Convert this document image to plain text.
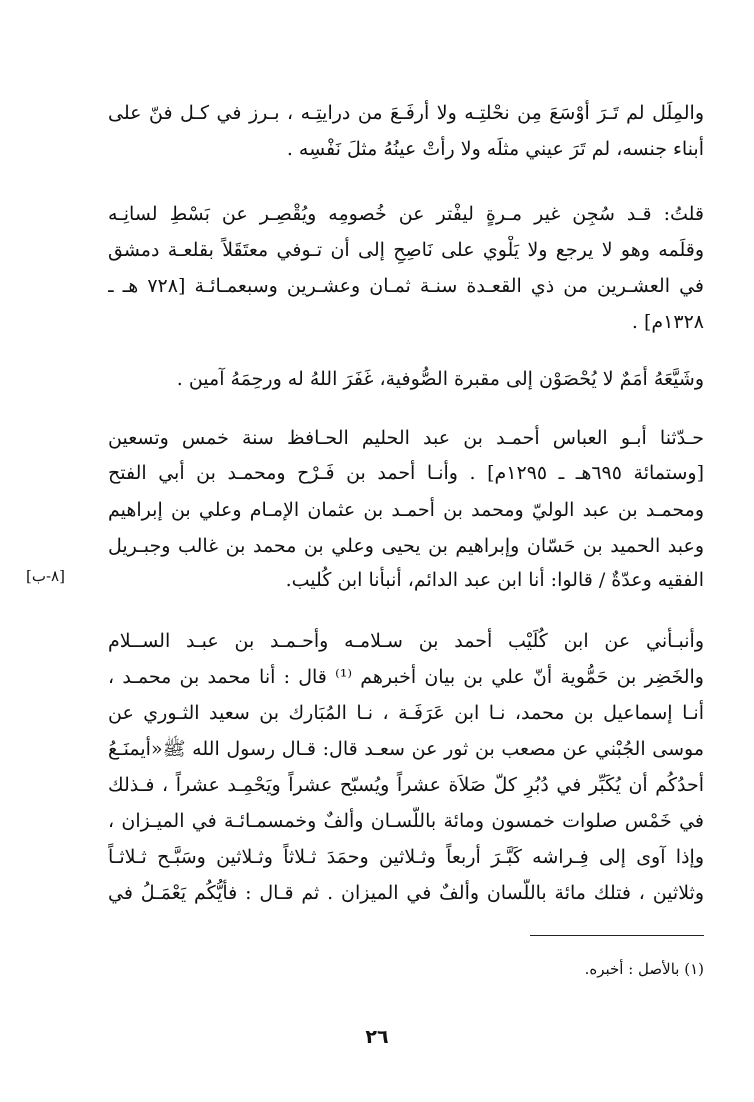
والمِلَل لم تَـرَ أَوْسَعَ مِن نحْلتِـه ولا أرفَـعَ من درايتِـه ، بـرز في كـل فنّ على
أبناء جنسه، لم تَرَ عيني مثلَه ولا رأتْ عينُهُ مثلَ نَفْسِه .
قلتُ: قـد سُجِن غير مـرةٍ ليفْتر عن خُصومِه ويُقْصِـر عن بَسْطِ لسانِـه
وقلَمه وهو لا يرجع ولا يَلْوي على نَاصِحٍ إلى أن تـوفي معتَقَلاً بقلعـة دمشق
في العشـرين من ذي القعـدة سنـة ثمـان وعشـرين وسبعمـائـة [٧٢٨ هـ ـ
١٣٢٨م] .
وشَيَّعَهُ أُمَمٌ لا يُحْصَوْن إلى مقبرة الصُّوفية، غَفَرَ اللهُ له ورحِمَهُ آمين .
حـدّثنا أبـو العباس أحمـد بن عبد الحليم الحـافظ سنة خمس وتسعين
[وستمائة ٦٩٥هـ ـ ١٢٩٥م] . وأنـا أحمد بن فَـرْح ومحمـد بن أبي الفتح
ومحمـد بن عبد الوليّ ومحمد بن أحمـد بن عثمان الإمـام وعلي بن إبراهيم
وعبد الحميد بن حَسّان وإبراهيم بن يحيى وعلي بن محمد بن غالب وجبـريل
الفقيه وعدّةٌ / قالوا: أنا ابن عبد الدائم، أنبأنا ابن كُليب.
[٨-ب]
وأنبـأني عن ابن كُلَيْب أحمد بن سـلامـه وأحـمـد بن عبـد الســلام
والخَضِر بن حَمُّوية أنّ علي بن بيان أخبرهم ⁽¹⁾ قال : أنا محمد بن محمـد ،
أنـا إسماعيل بن محمد، نـا ابن عَرَفَـة ، نـا المُبَارك بن سعيد الثـوري عن
موسى الجُبْني عن مصعب بن ثور عن سعـد قال: قـال رسول الله ﷺ«أيمنَـعُ
أحدُكُم أن يُكَبِّر في دُبُرِ كلّ صَلاَة عشراً ويُسبّح عشراً ويَحْمِـد عشراً ، فـذلك
في خَمْس صلوات خمسون ومائة باللّسـان وألفٌ وخمسمـائـة في الميـزان ،
وإذا آوى إلى فِـراشه كَبَّـرَ أربعاً وثـلاثين وحمَدَ ثـلاثاً وثـلاثين وسَبَّـح ثـلاثـاً
وثلاثين ، فتلك مائة باللّسان وألفٌ في الميزان . ثم قـال : فأيُّكُم يَعْمَـلُ في
(١) بالأصل : أخبره.
٢٦
